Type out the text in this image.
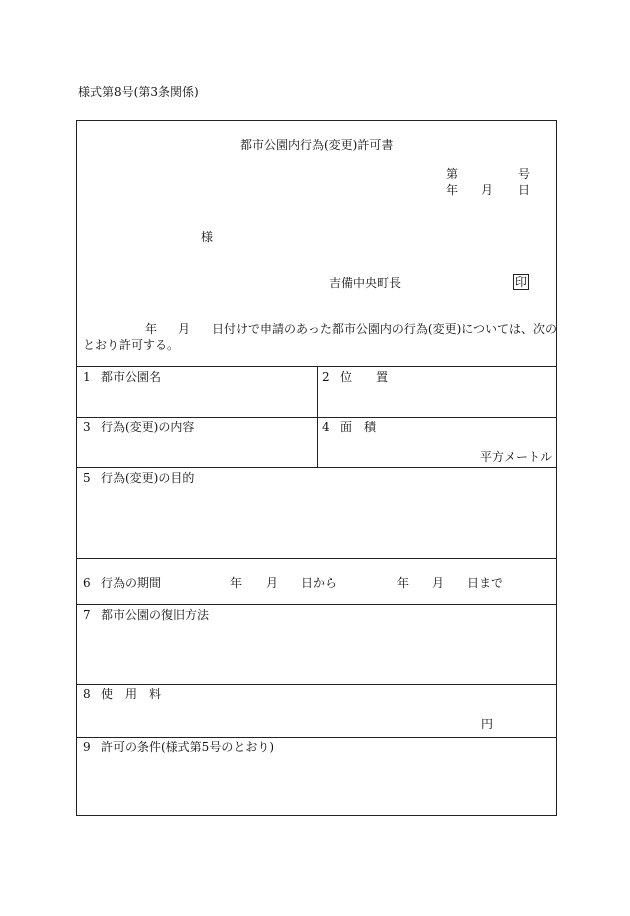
様式第8号(第3条関係)
都市公園内行為(変更)許可書
第	号
年 月 日
様
吉備中央町長	印
年 月 日付けで申請のあった都市公園内の行為(変更)については、次の
とおり許可する。
1 都市公園名	2 位　　置
3 行為(変更)の内容	4 面　積
平方メートル
5 行為(変更)の目的
6 行為の期間	年 月 日から	年 月 日まで
7 都市公園の復旧方法
8 使　用　料
円
9 許可の条件(様式第5号のとおり)
